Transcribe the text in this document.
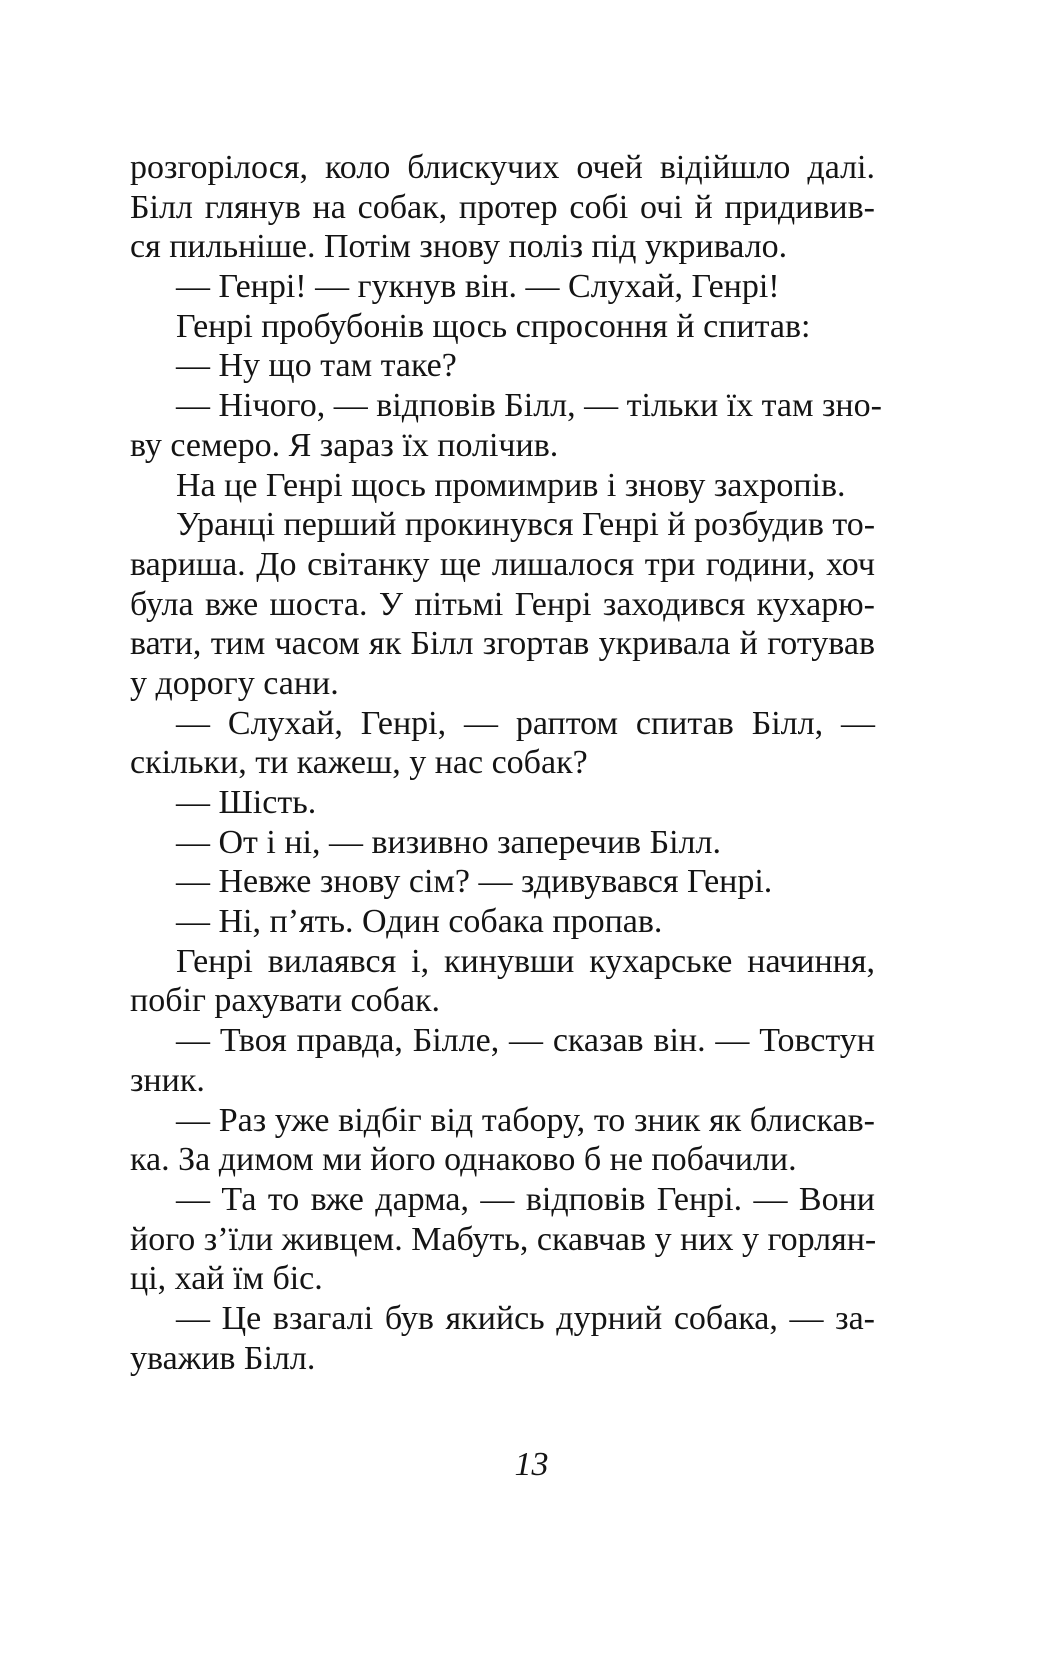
розгорілося, коло блискучих очей відійшло далі.
Білл глянув на собак, протер собі очі й придивив-
ся пильніше. Потім знову поліз під укривало.
— Генрі! — гукнув він. — Слухай, Генрі!
Генрі пробубонів щось спросоння й спитав:
— Ну що там таке?
— Нічого, — відповів Білл, — тільки їх там зно-
ву семеро. Я зараз їх полічив.
На це Генрі щось промимрив і знову захропів.
Уранці перший прокинувся Генрі й розбудив то-
вариша. До світанку ще лишалося три години, хоч
була вже шоста. У пітьмі Генрі заходився кухарю-
вати, тим часом як Білл згортав укривала й готував
у дорогу сани.
— Слухай, Генрі, — раптом спитав Білл, —
скільки, ти кажеш, у нас собак?
— Шість.
— От і ні, — визивно заперечив Білл.
— Невже знову сім? — здивувався Генрі.
— Ні, п’ять. Один собака пропав.
Генрі вилаявся і, кинувши кухарське начиння,
побіг рахувати собак.
— Твоя правда, Білле, — сказав він. — Товстун
зник.
— Раз уже відбіг від табору, то зник як блискав-
ка. За димом ми його однаково б не побачили.
— Та то вже дарма, — відповів Генрі. — Вони
його з’їли живцем. Мабуть, скавчав у них у горлян-
ці, хай їм біс.
— Це взагалі був якийсь дурний собака, — за-
уважив Білл.
13
